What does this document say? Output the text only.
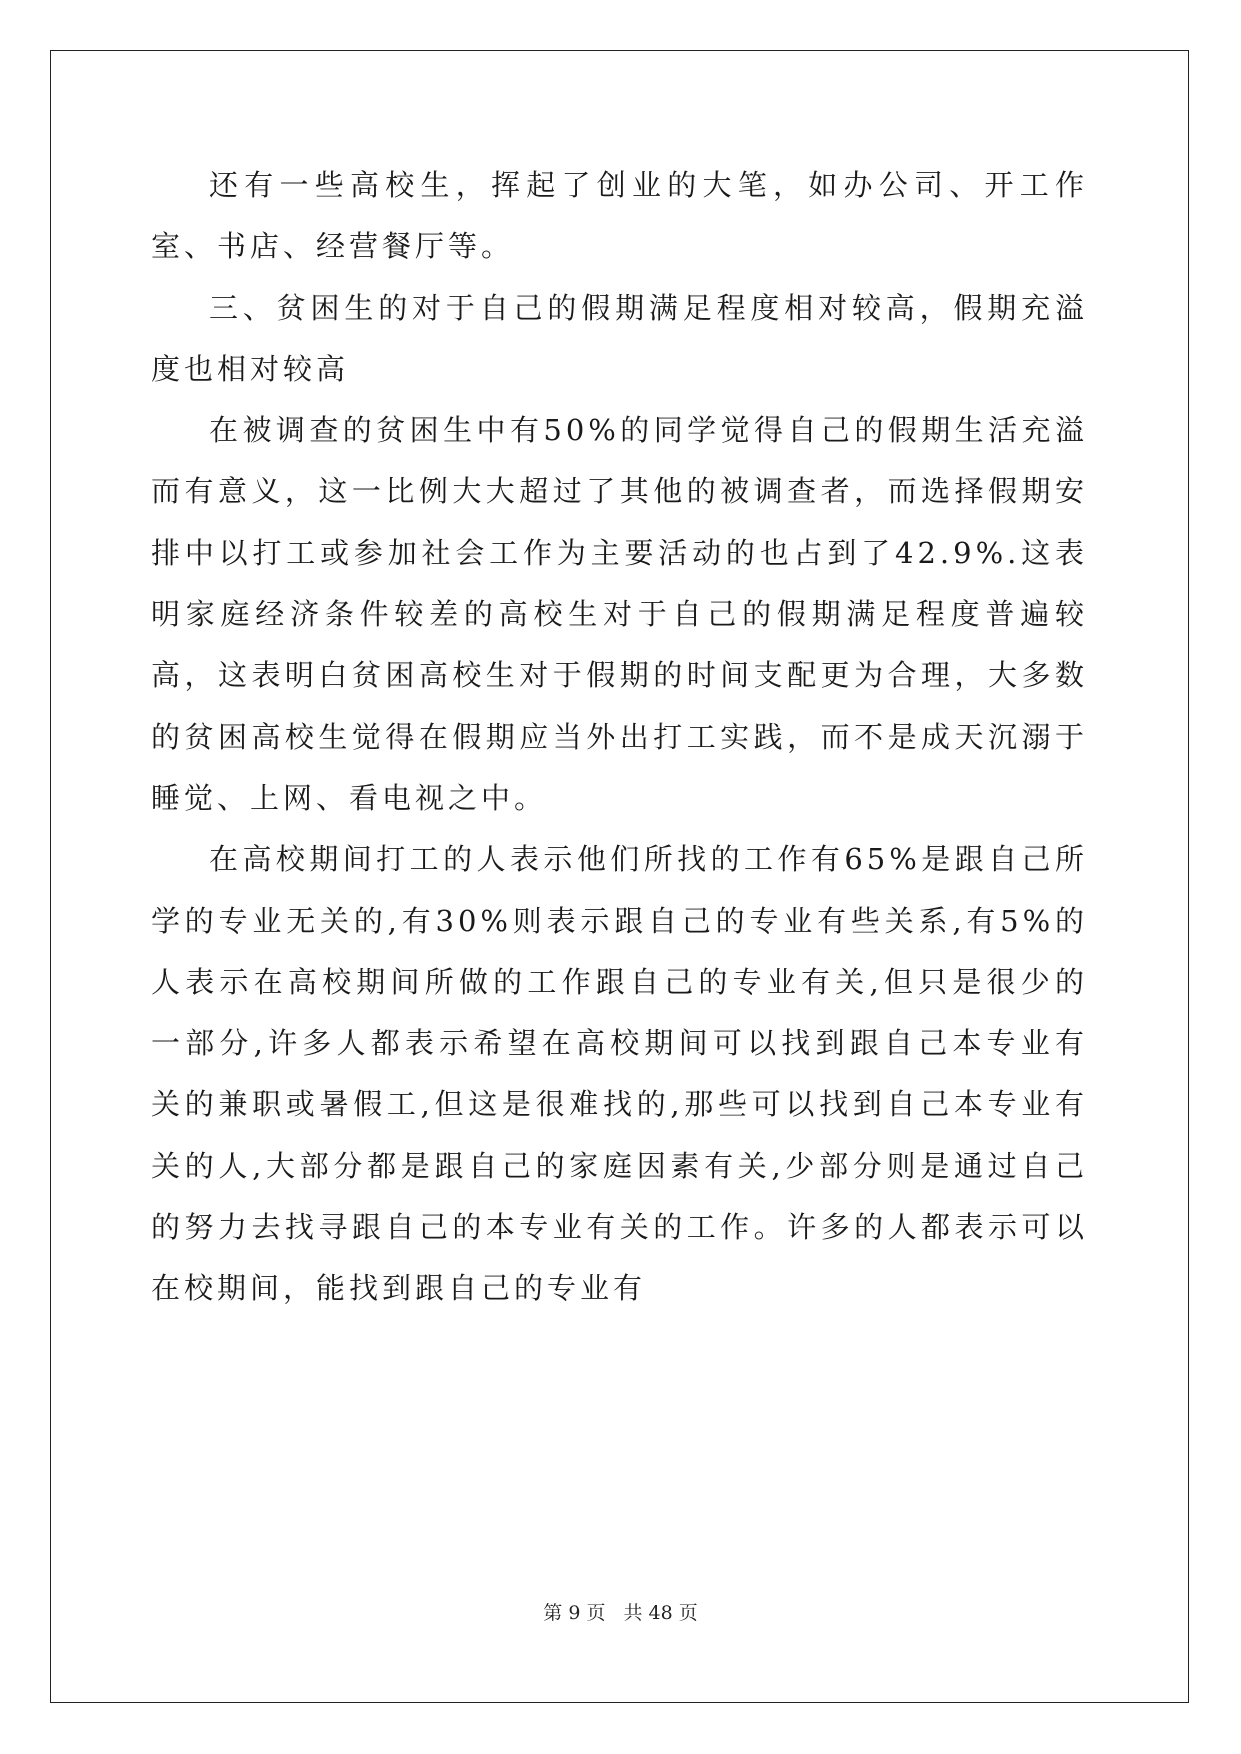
还有一些高校生，挥起了创业的大笔，如办公司、开工作室、书店、经营餐厅等。

三、贫困生的对于自己的假期满足程度相对较高，假期充溢度也相对较高

在被调查的贫困生中有50%的同学觉得自己的假期生活充溢而有意义，这一比例大大超过了其他的被调查者，而选择假期安排中以打工或参加社会工作为主要活动的也占到了42.9%.这表明家庭经济条件较差的高校生对于自己的假期满足程度普遍较高，这表明白贫困高校生对于假期的时间支配更为合理，大多数的贫困高校生觉得在假期应当外出打工实践，而不是成天沉溺于睡觉、上网、看电视之中。

在高校期间打工的人表示他们所找的工作有65%是跟自己所学的专业无关的,有30%则表示跟自己的专业有些关系,有5%的人表示在高校期间所做的工作跟自己的专业有关,但只是很少的一部分,许多人都表示希望在高校期间可以找到跟自己本专业有关的兼职或暑假工,但这是很难找的,那些可以找到自己本专业有关的人,大部分都是跟自己的家庭因素有关,少部分则是通过自己的努力去找寻跟自己的本专业有关的工作。许多的人都表示可以在校期间，能找到跟自己的专业有

第 9 页 共 48 页
